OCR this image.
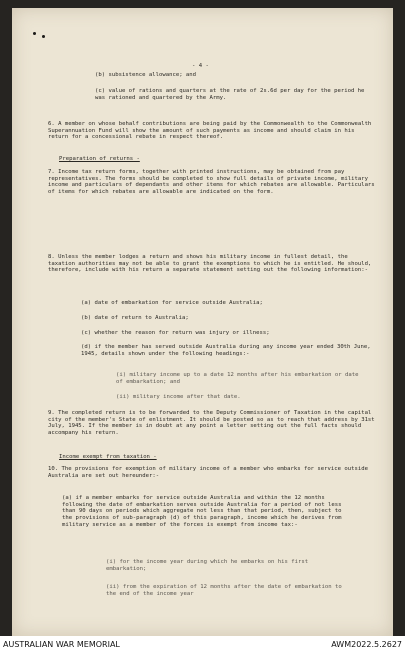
- 4 -

(b) subsistence allowance; and

(c) value of rations and quarters at the rate of 2s.6d per day for the period he was rationed and quartered by the Army.

6. A member on whose behalf contributions are being paid by the Commonwealth to the Commonwealth Superannuation Fund will show the amount of such payments as income and should claim in his return for a concessional rebate in respect thereof.

Preparation of returns -

7. Income tax return forms, together with printed instructions, may be obtained from pay representatives. The forms should be completed to show full details of private income, military income and particulars of dependants and other items for which rebates are allowable. Particulars of items for which rebates are allowable are indicated on the form.

8. Unless the member lodges a return and shows his military income in fullest detail, the taxation authorities may not be able to grant the exemptions to which he is entitled. He should, therefore, include with his return a separate statement setting out the following information:-

(a) date of embarkation for service outside Australia;

(b) date of return to Australia;

(c) whether the reason for return was injury or illness;

(d) if the member has served outside Australia during any income year ended 30th June, 1945, details shown under the following headings:-

(i) military income up to a date 12 months after his embarkation or date of embarkation; and

(ii) military income after that date.

9. The completed return is to be forwarded to the Deputy Commissioner of Taxation in the capital city of the member's State of enlistment. It should be posted so as to reach that address by 31st July, 1945. If the member is in doubt at any point a letter setting out the full facts should accompany his return.

Income exempt from taxation -

10. The provisions for exemption of military income of a member who embarks for service outside Australia are set out hereunder:-

(a) if a member embarks for service outside Australia and within the 12 months following the date of embarkation serves outside Australia for a period of not less than 90 days on periods which aggregate not less than that period, then, subject to the provisions of sub-paragraph (d) of this paragraph, income which he derives from military service as a member of the forces is exempt from income tax:-

(i) for the income year during which he embarks on his first embarkation;

(ii) from the expiration of 12 months after the date of embarkation to the end of the income year

AUSTRALIAN WAR MEMORIAL	AWM2022.5.2627
